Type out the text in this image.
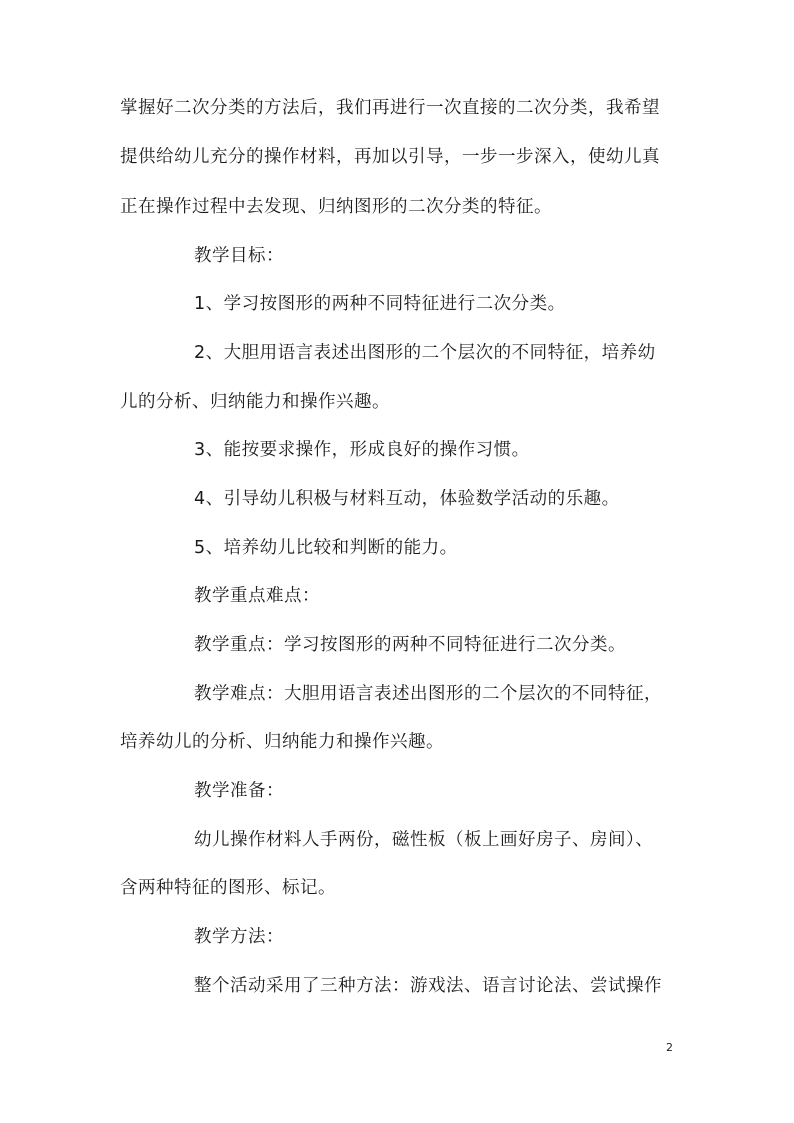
掌握好二次分类的方法后，我们再进行一次直接的二次分类，我希望
提供给幼儿充分的操作材料，再加以引导，一步一步深入，使幼儿真
正在操作过程中去发现、归纳图形的二次分类的特征。
教学目标：
1、学习按图形的两种不同特征进行二次分类。
2、大胆用语言表述出图形的二个层次的不同特征，培养幼
儿的分析、归纳能力和操作兴趣。
3、能按要求操作，形成良好的操作习惯。
4、引导幼儿积极与材料互动，体验数学活动的乐趣。
5、培养幼儿比较和判断的能力。
教学重点难点：
教学重点：学习按图形的两种不同特征进行二次分类。
教学难点：大胆用语言表述出图形的二个层次的不同特征，
培养幼儿的分析、归纳能力和操作兴趣。
教学准备：
幼儿操作材料人手两份，磁性板（板上画好房子、房间）、
含两种特征的图形、标记。
教学方法：
整个活动采用了三种方法：游戏法、语言讨论法、尝试操作
2
